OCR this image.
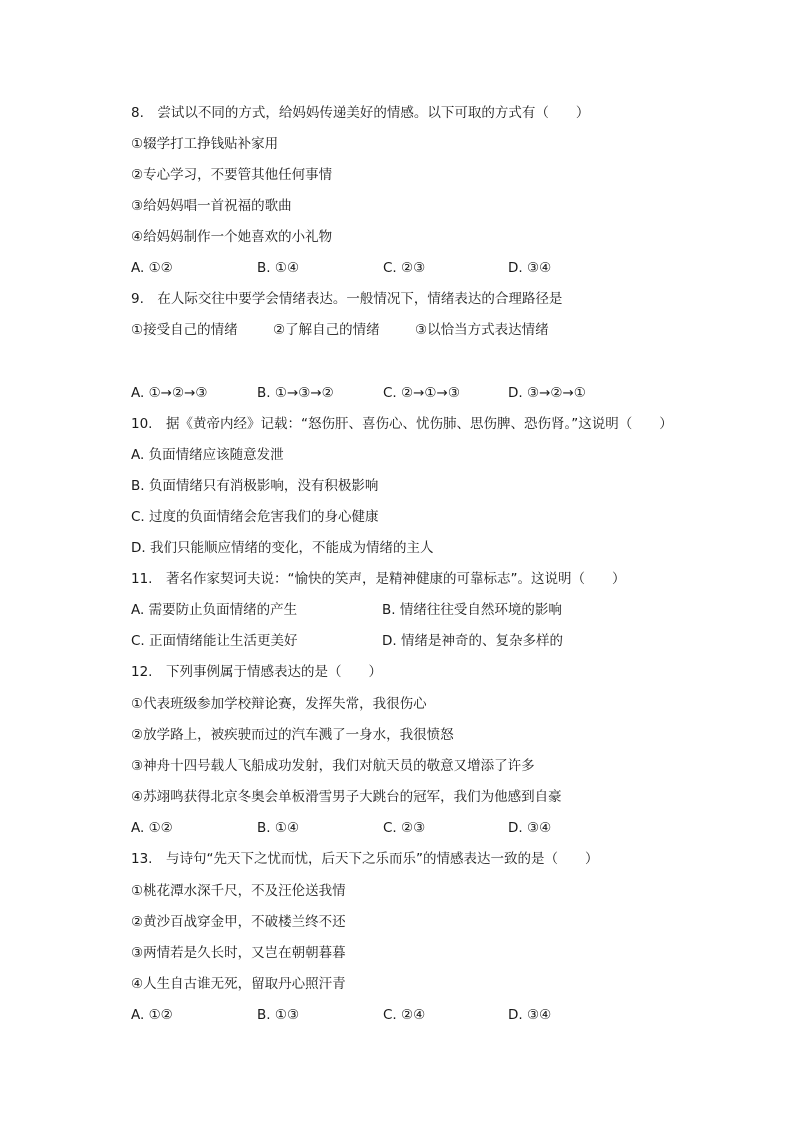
8.　尝试以不同的方式，给妈妈传递美好的情感。以下可取的方式有（　　）
①辍学打工挣钱贴补家用
②专心学习，不要管其他任何事情
③给妈妈唱一首祝福的歌曲
④给妈妈制作一个她喜欢的小礼物
A. ①②	B. ①④	C. ②③	D. ③④
9.　在人际交往中要学会情绪表达。一般情况下，情绪表达的合理路径是
①接受自己的情绪	②了解自己的情绪	③以恰当方式表达情绪
A. ①→②→③	B. ①→③→②	C. ②→①→③	D. ③→②→①
10.　据《黄帝内经》记载：“怒伤肝、喜伤心、忧伤肺、思伤脾、恐伤肾。”这说明（　　）
A. 负面情绪应该随意发泄
B. 负面情绪只有消极影响，没有积极影响
C. 过度的负面情绪会危害我们的身心健康
D. 我们只能顺应情绪的变化，不能成为情绪的主人
11.　著名作家契诃夫说：“愉快的笑声，是精神健康的可靠标志”。这说明（　　）
A. 需要防止负面情绪的产生	B. 情绪往往受自然环境的影响
C. 正面情绪能让生活更美好	D. 情绪是神奇的、复杂多样的
12.　下列事例属于情感表达的是（　　）
①代表班级参加学校辩论赛，发挥失常，我很伤心
②放学路上，被疾驶而过的汽车溅了一身水，我很愤怒
③神舟十四号载人飞船成功发射，我们对航天员的敬意又增添了许多
④苏翊鸣获得北京冬奥会单板滑雪男子大跳台的冠军，我们为他感到自豪
A. ①②	B. ①④	C. ②③	D. ③④
13.　与诗句“先天下之忧而忧，后天下之乐而乐”的情感表达一致的是（　　）
①桃花潭水深千尺，不及汪伦送我情
②黄沙百战穿金甲，不破楼兰终不还
③两情若是久长时，又岂在朝朝暮暮
④人生自古谁无死，留取丹心照汗青
A. ①②	B. ①③	C. ②④	D. ③④
